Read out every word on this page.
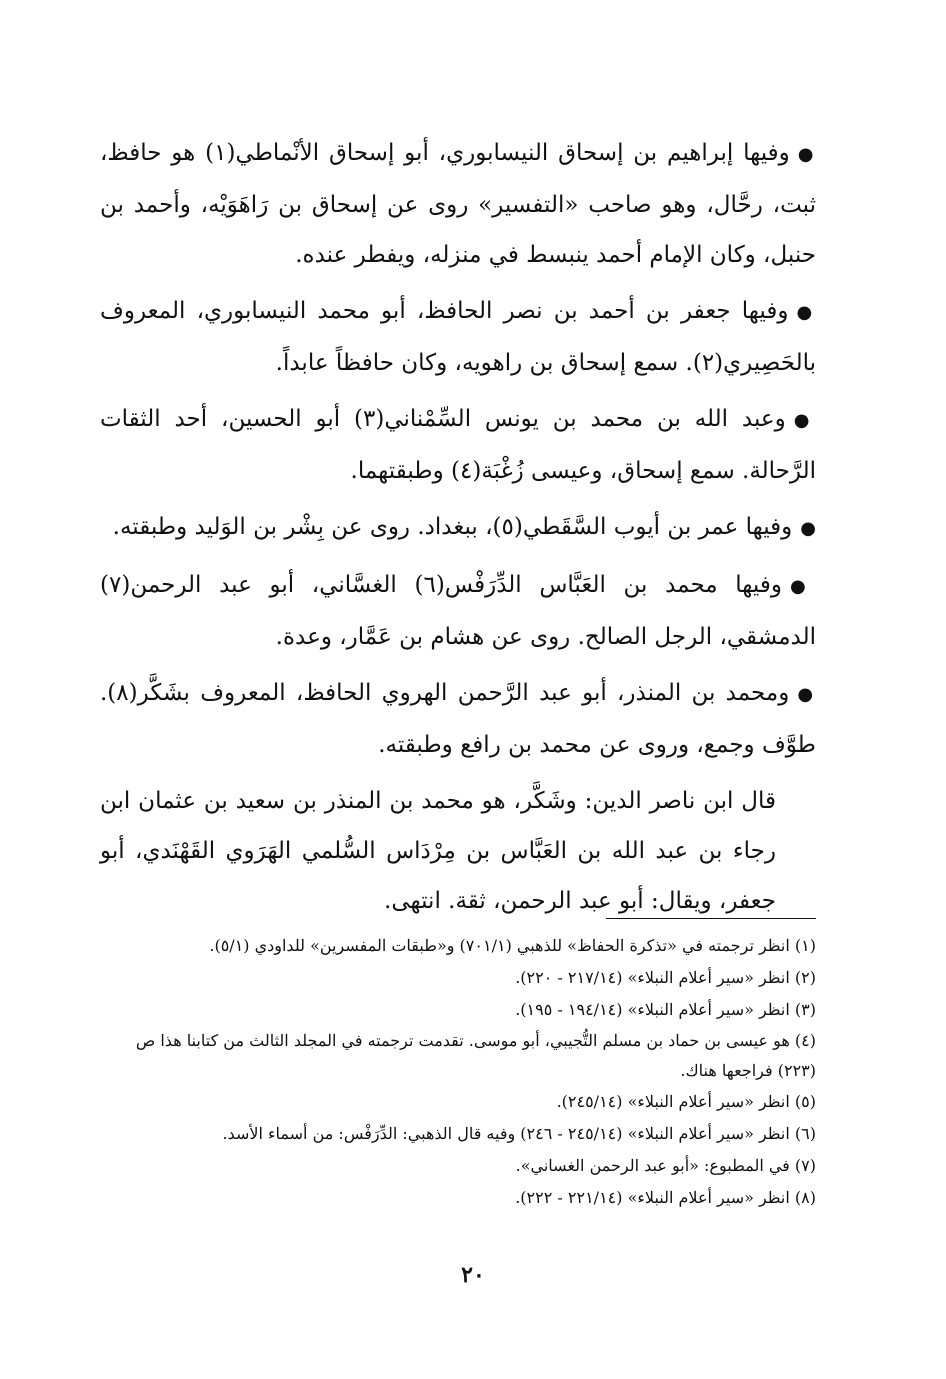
●وفيها إبراهيم بن إسحاق النيسابوري، أبو إسحاق الأنْماطي(١) هو حافظ، ثبت، رحَّال، وهو صاحب «التفسير» روى عن إسحاق بن رَاهَوَيْه، وأحمد بن حنبل، وكان الإمام أحمد ينبسط في منزله، ويفطر عنده.

●وفيها جعفر بن أحمد بن نصر الحافظ، أبو محمد النيسابوري، المعروف بالحَصِيري(٢). سمع إسحاق بن راهويه، وكان حافظاً عابداً.

●وعبد الله بن محمد بن يونس السِّمْناني(٣) أبو الحسين، أحد الثقات الرَّحالة. سمع إسحاق، وعيسى زُغْبَة(٤) وطبقتهما.

●وفيها عمر بن أيوب السَّقَطي(٥)، ببغداد. روى عن بِشْر بن الوَليد وطبقته.

●وفيها محمد بن العَبَّاس الدِّرَفْس(٦) الغسَّاني، أبو عبد الرحمن(٧) الدمشقي، الرجل الصالح. روى عن هشام بن عَمَّار، وعدة.

●ومحمد بن المنذر، أبو عبد الرَّحمن الهروي الحافظ، المعروف بشَكَّر(٨). طوَّف وجمع، وروى عن محمد بن رافع وطبقته.

قال ابن ناصر الدين: وشَكَّر، هو محمد بن المنذر بن سعيد بن عثمان ابن رجاء بن عبد الله بن العَبَّاس بن مِرْدَاس السُّلمي الهَرَوي القَهْنَدي، أبو جعفر، ويقال: أبو عبد الرحمن، ثقة. انتهى.

(١) انظر ترجمته في «تذكرة الحفاظ» للذهبي (٧٠١/١) و«طبقات المفسرين» للداودي (٥/١).

(٢) انظر «سير أعلام النبلاء» (٢١٧/١٤ - ٢٢٠).

(٣) انظر «سير أعلام النبلاء» (١٩٤/١٤ - ١٩٥).

(٤) هو عيسى بن حماد بن مسلم التُّجيبي، أبو موسى. تقدمت ترجمته في المجلد الثالث من كتابنا هذا ص (٢٢٣) فراجعها هناك.

(٥) انظر «سير أعلام النبلاء» (٢٤٥/١٤).

(٦) انظر «سير أعلام النبلاء» (٢٤٥/١٤ - ٢٤٦) وفيه قال الذهبي: الدِّرَفْس: من أسماء الأسد.

(٧) في المطبوع: «أبو عبد الرحمن الغساني».

(٨) انظر «سير أعلام النبلاء» (٢٢١/١٤ - ٢٢٢).

٢٠
